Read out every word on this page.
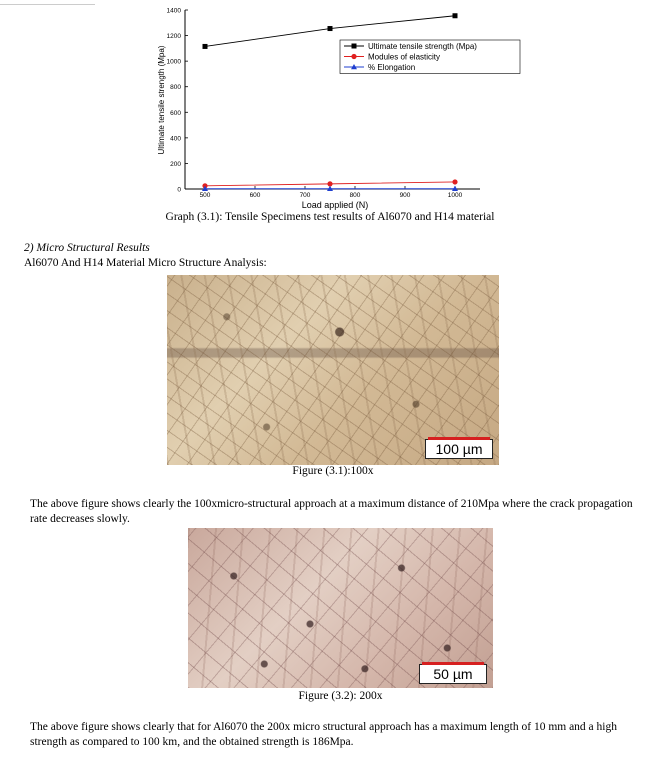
0
200
400
600
800
1000
1200
1400
500	600	700	800	900	1000
Ultimate tensile strength (Mpa)
Modules of elasticity
% Elongation
Load applied (N)
Ultimate tensile strength (Mpa)
Graph (3.1): Tensile Specimens test results of Al6070 and H14 material
2) Micro Structural Results
Al6070 And H14 Material Micro Structure Analysis:
100 µm
Figure (3.1):100x
The above figure shows clearly the 100xmicro-structural approach at a maximum distance of 210Mpa where the crack propagation rate decreases slowly.
50 µm
Figure (3.2): 200x
The above figure shows clearly that for Al6070 the 200x micro structural approach has a maximum length of 10 mm and a high strength as compared to 100 km, and the obtained strength is 186Mpa.
